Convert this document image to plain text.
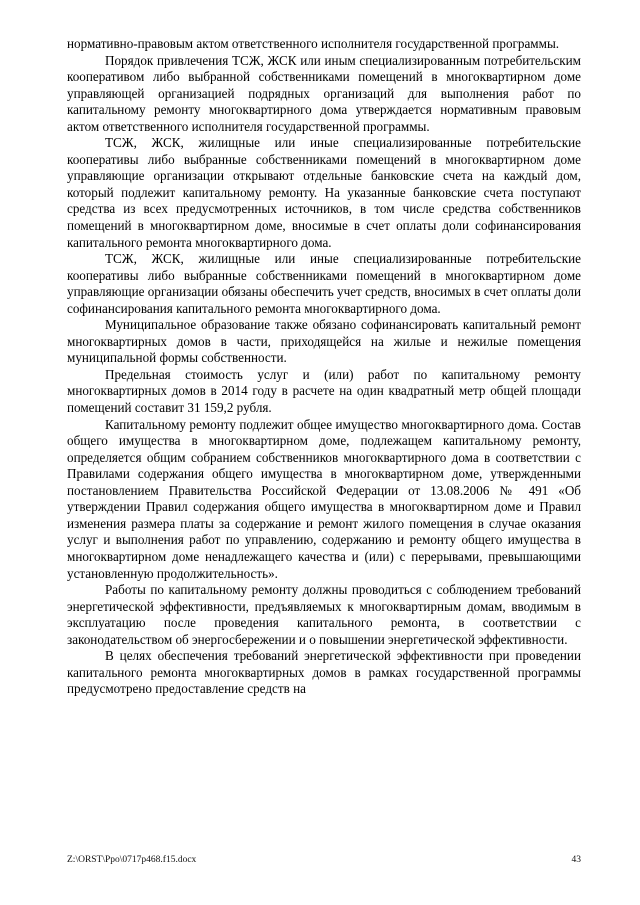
нормативно-правовым актом ответственного исполнителя государственной программы.

Порядок привлечения ТСЖ, ЖСК или иным специализированным потребительским кооперативом либо выбранной собственниками помещений в многоквартирном доме управляющей организацией подрядных организаций для выполнения работ по капитальному ремонту многоквартирного дома утверждается нормативным правовым актом ответственного исполнителя государственной программы.

ТСЖ, ЖСК, жилищные или иные специализированные потребительские кооперативы либо выбранные собственниками помещений в многоквартирном доме управляющие организации открывают отдельные банковские счета на каждый дом, который подлежит капитальному ремонту. На указанные банковские счета поступают средства из всех предусмотренных источников, в том числе средства собственников помещений в многоквартирном доме, вносимые в счет оплаты доли софинансирования капитального ремонта многоквартирного дома.

ТСЖ, ЖСК, жилищные или иные специализированные потребительские кооперативы либо выбранные собственниками помещений в многоквартирном доме управляющие организации обязаны обеспечить учет средств, вносимых в счет оплаты доли софинансирования капитального ремонта многоквартирного дома.

Муниципальное образование также обязано софинансировать капитальный ремонт многоквартирных домов в части, приходящейся на жилые и нежилые помещения муниципальной формы собственности.

Предельная стоимость услуг и (или) работ по капитальному ремонту многоквартирных домов в 2014 году в расчете на один квадратный метр общей площади помещений составит 31 159,2 рубля.

Капитальному ремонту подлежит общее имущество многоквартирного дома. Состав общего имущества в многоквартирном доме, подлежащем капитальному ремонту, определяется общим собранием собственников многоквартирного дома в соответствии с Правилами содержания общего имущества в многоквартирном доме, утвержденными постановлением Правительства Российской Федерации от 13.08.2006 № 491 «Об утверждении Правил содержания общего имущества в многоквартирном доме и Правил изменения размера платы за содержание и ремонт жилого помещения в случае оказания услуг и выполнения работ по управлению, содержанию и ремонту общего имущества в многоквартирном доме ненадлежащего качества и (или) с перерывами, превышающими установленную продолжительность».

Работы по капитальному ремонту должны проводиться с соблюдением требований энергетической эффективности, предъявляемых к многоквартирным домам, вводимым в эксплуатацию после проведения капитального ремонта, в соответствии с законодательством об энергосбережении и о повышении энергетической эффективности.

В целях обеспечения требований энергетической эффективности при проведении капитального ремонта многоквартирных домов в рамках государственной программы предусмотрено предоставление средств на

Z:\ORST\Ppo\0717p468.f15.docx	43
